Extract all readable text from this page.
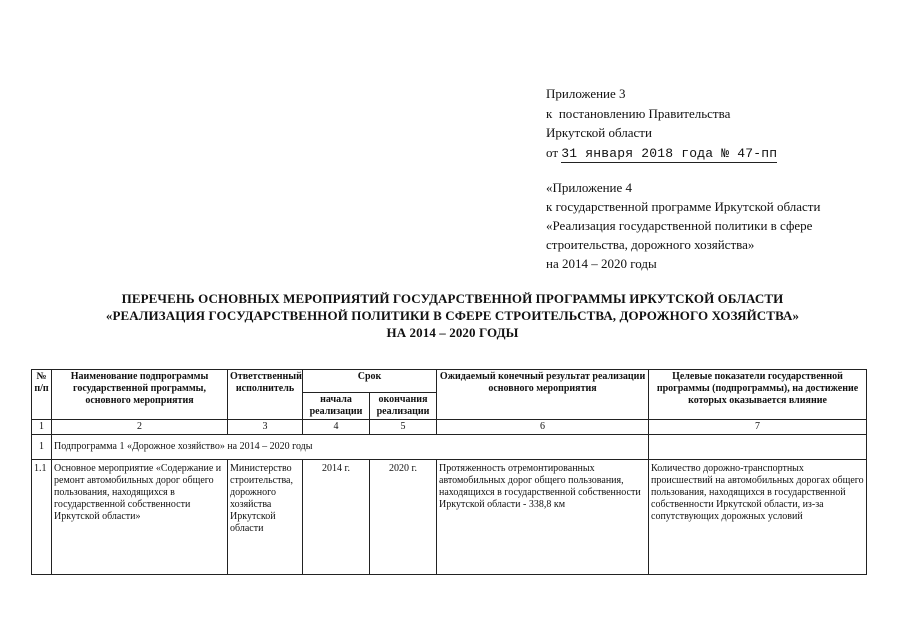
Приложение 3
к  постановлению Правительства
Иркутской области
от 31 января 2018 года № 47-пп
«Приложение 4
к государственной программе Иркутской области
«Реализация государственной политики в сфере
строительства, дорожного хозяйства»
на 2014 – 2020 годы
ПЕРЕЧЕНЬ ОСНОВНЫХ МЕРОПРИЯТИЙ ГОСУДАРСТВЕННОЙ ПРОГРАММЫ ИРКУТСКОЙ ОБЛАСТИ
«РЕАЛИЗАЦИЯ ГОСУДАРСТВЕННОЙ ПОЛИТИКИ В СФЕРЕ СТРОИТЕЛЬСТВА, ДОРОЖНОГО ХОЗЯЙСТВА»
НА 2014 – 2020 ГОДЫ
№ п/п	Наименование подпрограммы государственной программы, основного мероприятия	Ответственный исполнитель	Срок		Ожидаемый конечный результат реализации основного мероприятия	Целевые показатели государственной программы (подпрограммы), на достижение которых оказывается влияние
			начала реализации	окончания реализации		
1	2	3	4	5	6	7
1	Подпрограмма 1 «Дорожное хозяйство» на 2014 – 2020 годы					
1.1	Основное мероприятие «Содержание и ремонт автомобильных дорог общего пользования, находящихся в государственной собственности Иркутской области»	Министерство строительства, дорожного хозяйства Иркутской области	2014 г.	2020 г.	Протяженность отремонтированных автомобильных дорог общего пользования, находящихся в государственной собственности Иркутской области - 338,8 км	Количество дорожно-транспортных происшествий на автомобильных дорогах общего пользования, находящихся в государственной собственности Иркутской области, из-за сопутствующих дорожных условий
